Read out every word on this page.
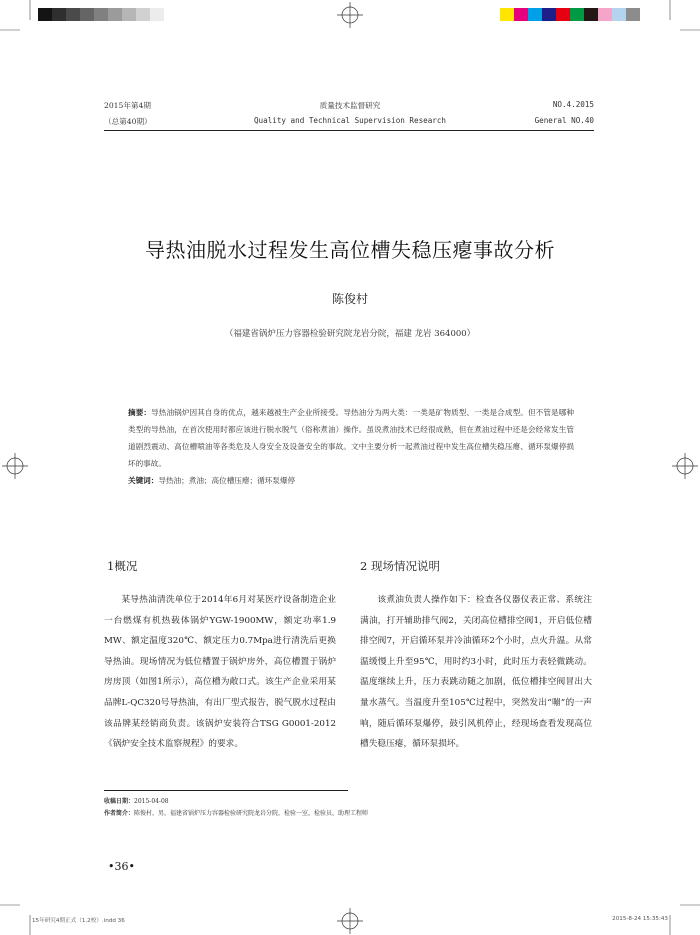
2015年第4期
（总第40期）
质量技术监督研究
Quality and Technical Supervision Research
NO.4.2015
General NO.40
导热油脱水过程发生高位槽失稳压瘪事故分析
陈俊村
（福建省锅炉压力容器检验研究院龙岩分院，福建 龙岩 364000）
摘要：导热油锅炉因其自身的优点，越来越被生产企业所接受。导热油分为两大类：一类是矿物质型、一类是合成型。但不管是哪种类型的导热油，在首次使用时都应该进行脱水脱气（俗称煮油）操作。虽说煮油技术已经很成熟，但在煮油过程中还是会经常发生管道剧烈震动、高位槽喷油等各类危及人身安全及设备安全的事故。文中主要分析一起煮油过程中发生高位槽失稳压瘪、循环泵爆停损坏的事故。
关键词：导热油；煮油；高位槽压瘪；循环泵爆停
1概况

某导热油清洗单位于2014年6月对某医疗设备制造企业一台燃煤有机热载体锅炉YGW-1900MW，额定功率1.9 MW、额定温度320℃、额定压力0.7Mpa进行清洗后更换导热油。现场情况为低位槽置于锅炉房外，高位槽置于锅炉房房顶（如图1所示），高位槽为敞口式。该生产企业采用某品牌L-QC320号导热油，有出厂型式报告，脱气脱水过程由该品牌某经销商负责。该锅炉安装符合TSG G0001-2012《锅炉安全技术监察规程》的要求。

2 现场情况说明

该煮油负责人操作如下：检查各仪器仪表正常、系统注满油，打开辅助排气阀2，关闭高位槽排空阀1，开启低位槽排空阀7，开启循环泵并冷油循环2个小时，点火升温。从常温缓慢上升至95℃，用时约3小时，此时压力表轻微跳动。温度继续上升，压力表跳动随之加剧，低位槽排空阀冒出大量水蒸气。当温度升至105℃过程中，突然发出“嘣”的一声响，随后循环泵爆停，鼓引风机停止，经现场查看发现高位槽失稳压瘪，循环泵损坏。

收稿日期：2015-04-08
作者简介：陈俊村，男，福建省锅炉压力容器检验研究院龙岩分院，检验一室，检验员，助理工程师
•36•
15年研究4期正式（1.2校）.indd 36	2015-8-24 15:35:43
